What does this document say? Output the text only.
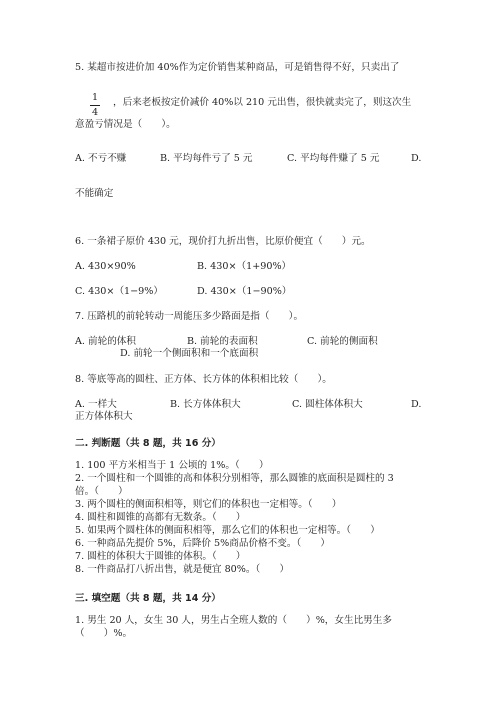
5. 某超市按进价加 40%作为定价销售某种商品，可是销售得不好，只卖出了
1
4
，后来老板按定价减价 40%以 210 元出售，很快就卖完了，则这次生
意盈亏情况是（　　）。
A. 不亏不赚	B. 平均每件亏了 5 元	C. 平均每件赚了 5 元	D.
不能确定
6. 一条裙子原价 430 元，现价打九折出售，比原价便宜（　　）元。
A. 430×90%	B. 430×（1+90%）
C. 430×（1−9%）	D. 430×（1−90%）
7. 压路机的前轮转动一周能压多少路面是指（　　）。
A. 前轮的体积	B. 前轮的表面积	C. 前轮的侧面积
D. 前轮一个侧面积和一个底面积
8. 等底等高的圆柱、正方体、长方体的体积相比较（　　）。
A. 一样大	B. 长方体体积大	C. 圆柱体体积大	D.
正方体体积大
二. 判断题（共 8 题，共 16 分）
1. 100 平方米相当于 1 公顷的 1%。（　　）
2. 一个圆柱和一个圆锥的高和体积分别相等，那么圆锥的底面积是圆柱的 3
倍。（　　）
3. 两个圆柱的侧面积相等，则它们的体积也一定相等。（　　）
4. 圆柱和圆锥的高都有无数条。（　　）
5. 如果两个圆柱体的侧面积相等，那么它们的体积也一定相等。（　　）
6. 一种商品先提价 5%，后降价 5%商品价格不变。（　　）
7. 圆柱的体积大于圆锥的体积。（　　）
8. 一件商品打八折出售，就是便宜 80%。（　　）
三. 填空题（共 8 题，共 14 分）
1. 男生 20 人，女生 30 人，男生占全班人数的（　　）%，女生比男生多
（　　）%。
